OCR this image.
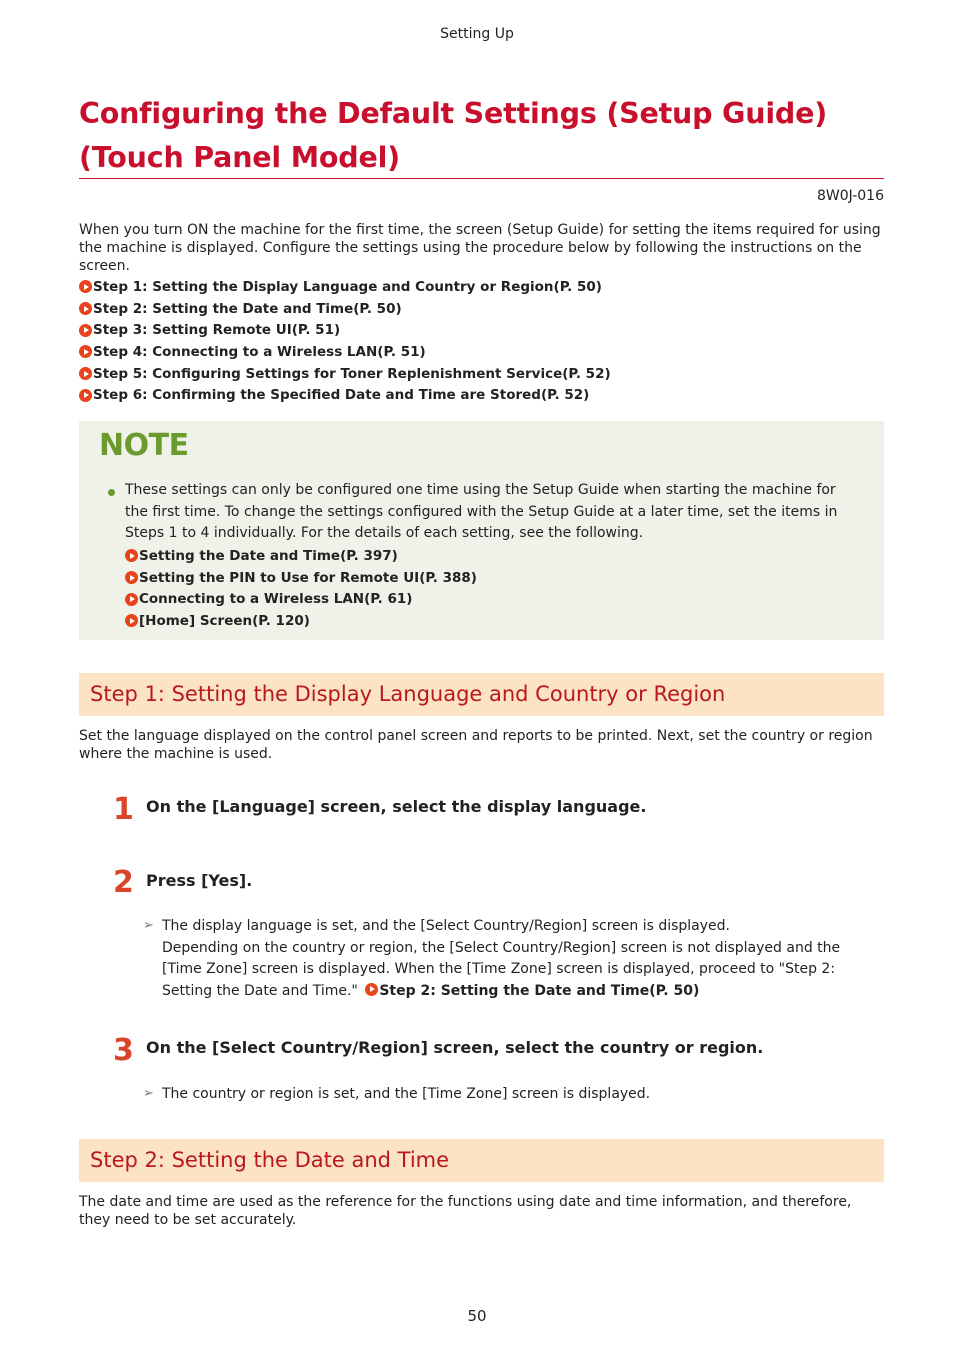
Setting Up
Configuring the Default Settings (Setup Guide) (Touch Panel Model)
8W0J-016
When you turn ON the machine for the first time, the screen (Setup Guide) for setting the items required for using the machine is displayed. Configure the settings using the procedure below by following the instructions on the screen.
Step 1: Setting the Display Language and Country or Region(P. 50)
Step 2: Setting the Date and Time(P. 50)
Step 3: Setting Remote UI(P. 51)
Step 4: Connecting to a Wireless LAN(P. 51)
Step 5: Configuring Settings for Toner Replenishment Service(P. 52)
Step 6: Confirming the Specified Date and Time are Stored(P. 52)
NOTE
These settings can only be configured one time using the Setup Guide when starting the machine for the first time. To change the settings configured with the Setup Guide at a later time, set the items in Steps 1 to 4 individually. For the details of each setting, see the following.
Setting the Date and Time(P. 397)
Setting the PIN to Use for Remote UI(P. 388)
Connecting to a Wireless LAN(P. 61)
[Home] Screen(P. 120)
Step 1: Setting the Display Language and Country or Region
Set the language displayed on the control panel screen and reports to be printed. Next, set the country or region where the machine is used.
1 On the [Language] screen, select the display language.
2 Press [Yes].
➢ The display language is set, and the [Select Country/Region] screen is displayed.
Depending on the country or region, the [Select Country/Region] screen is not displayed and the [Time Zone] screen is displayed. When the [Time Zone] screen is displayed, proceed to "Step 2: Setting the Date and Time." Step 2: Setting the Date and Time(P. 50)
3 On the [Select Country/Region] screen, select the country or region.
➢ The country or region is set, and the [Time Zone] screen is displayed.
Step 2: Setting the Date and Time
The date and time are used as the reference for the functions using date and time information, and therefore, they need to be set accurately.
50
